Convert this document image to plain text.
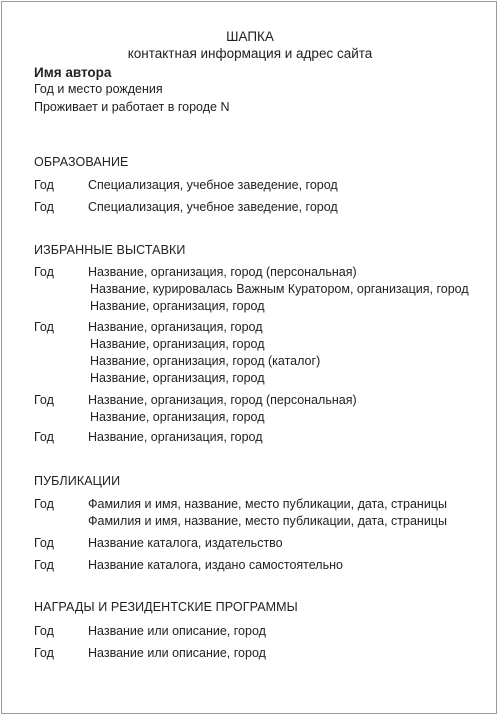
ШАПКА
контактная информация и адрес сайта
Имя автора
Год и место рождения
Проживает и работает в городе N
ОБРАЗОВАНИЕ
Год	Специализация, учебное заведение, город
Год	Специализация, учебное заведение, город
ИЗБРАННЫЕ ВЫСТАВКИ
Год	Название, организация, город (персональная)
Название, курировалась Важным Куратором, организация, город
Название, организация, город
Год	Название, организация, город
Название, организация, город
Название, организация, город (каталог)
Название, организация, город
Год	Название, организация, город (персональная)
Название, организация, город
Год	Название, организация, город
ПУБЛИКАЦИИ
Год	Фамилия и имя, название, место публикации, дата, страницы
Фамилия и имя, название, место публикации, дата, страницы
Год	Название каталога, издательство
Год	Название каталога, издано самостоятельно
НАГРАДЫ И РЕЗИДЕНТСКИЕ ПРОГРАММЫ
Год	Название или описание, город
Год	Название или описание, город
